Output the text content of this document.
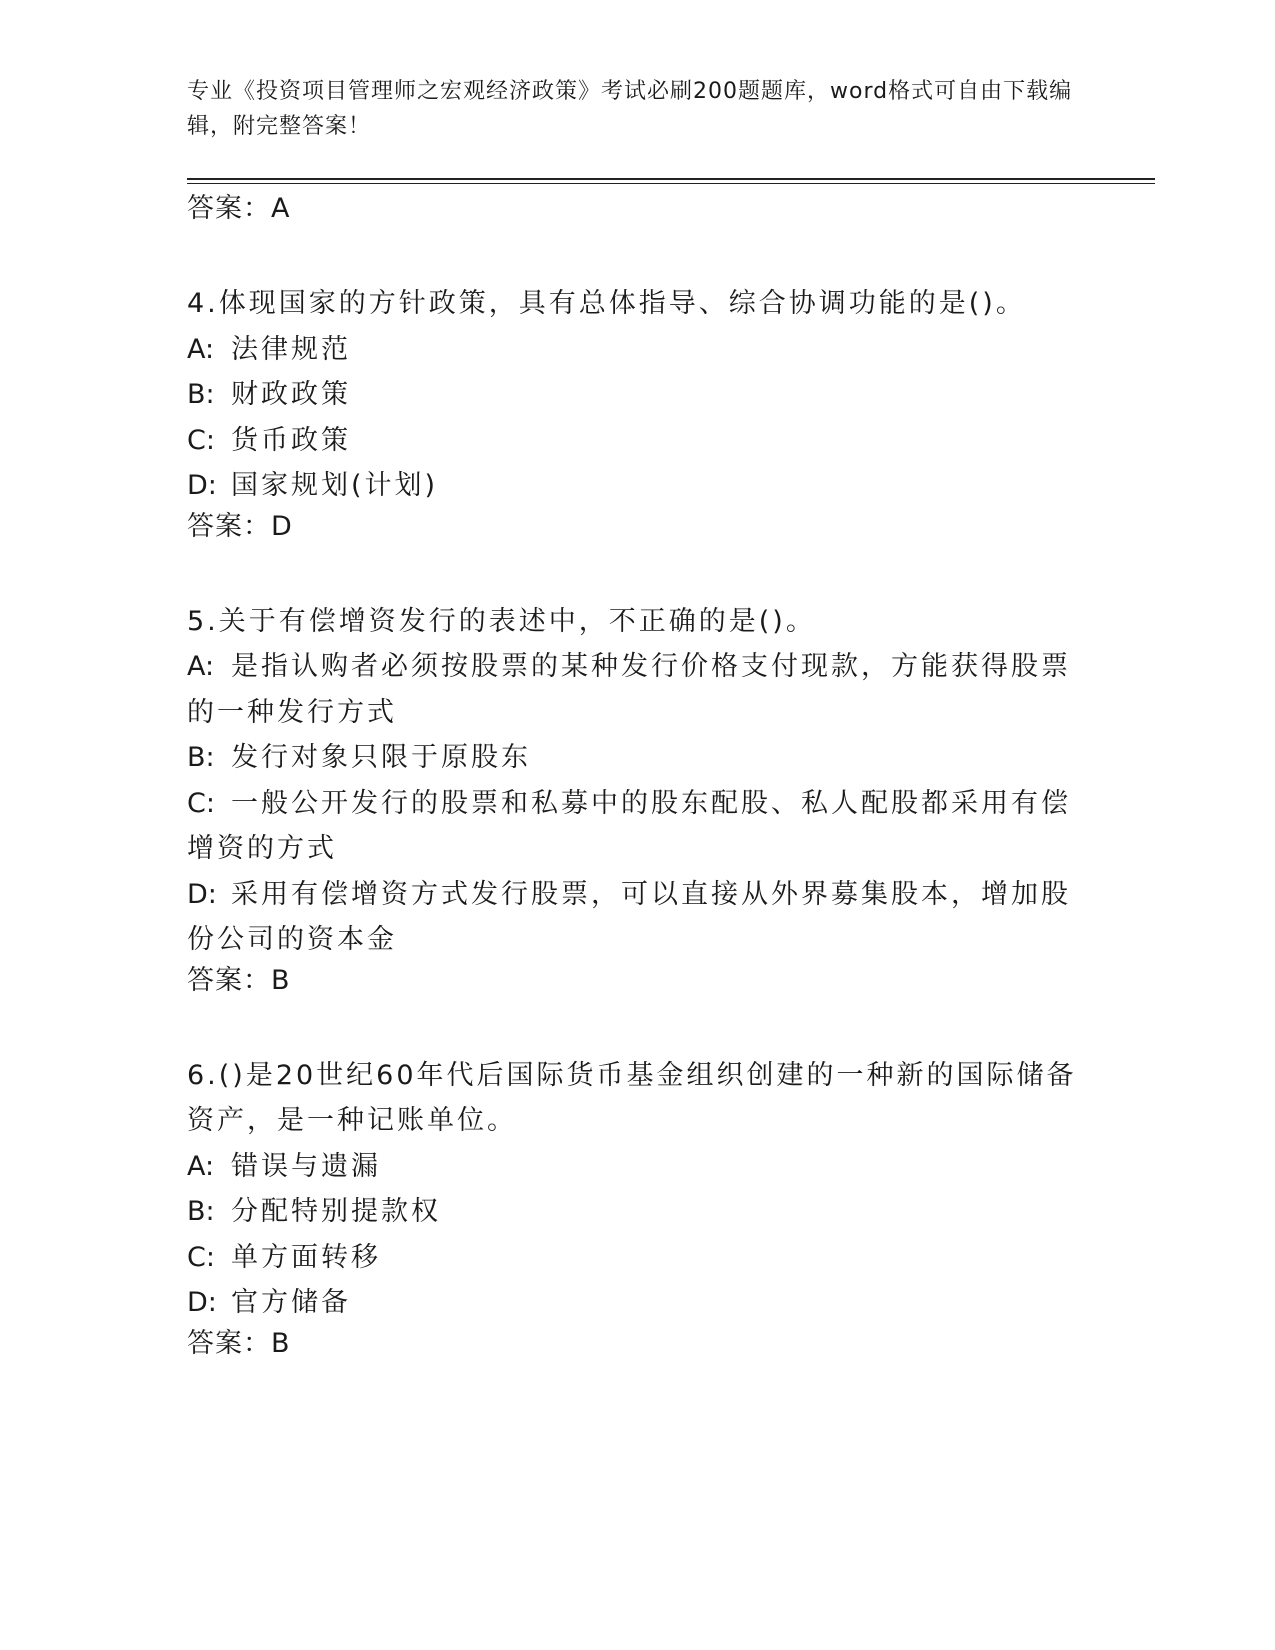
专业《投资项目管理师之宏观经济政策》考试必刷200题题库，word格式可自由下载编辑，附完整答案！

答案：A

4.体现国家的方针政策，具有总体指导、综合协调功能的是()。

A: 法律规范

B: 财政政策

C: 货币政策

D: 国家规划(计划)

答案：D

5.关于有偿增资发行的表述中，不正确的是()。

A: 是指认购者必须按股票的某种发行价格支付现款，方能获得股票的一种发行方式

B: 发行对象只限于原股东

C: 一般公开发行的股票和私募中的股东配股、私人配股都采用有偿增资的方式

D: 采用有偿增资方式发行股票，可以直接从外界募集股本，增加股份公司的资本金

答案：B

6.()是20世纪60年代后国际货币基金组织创建的一种新的国际储备资产，是一种记账单位。

A: 错误与遗漏

B: 分配特别提款权

C: 单方面转移

D: 官方储备

答案：B
